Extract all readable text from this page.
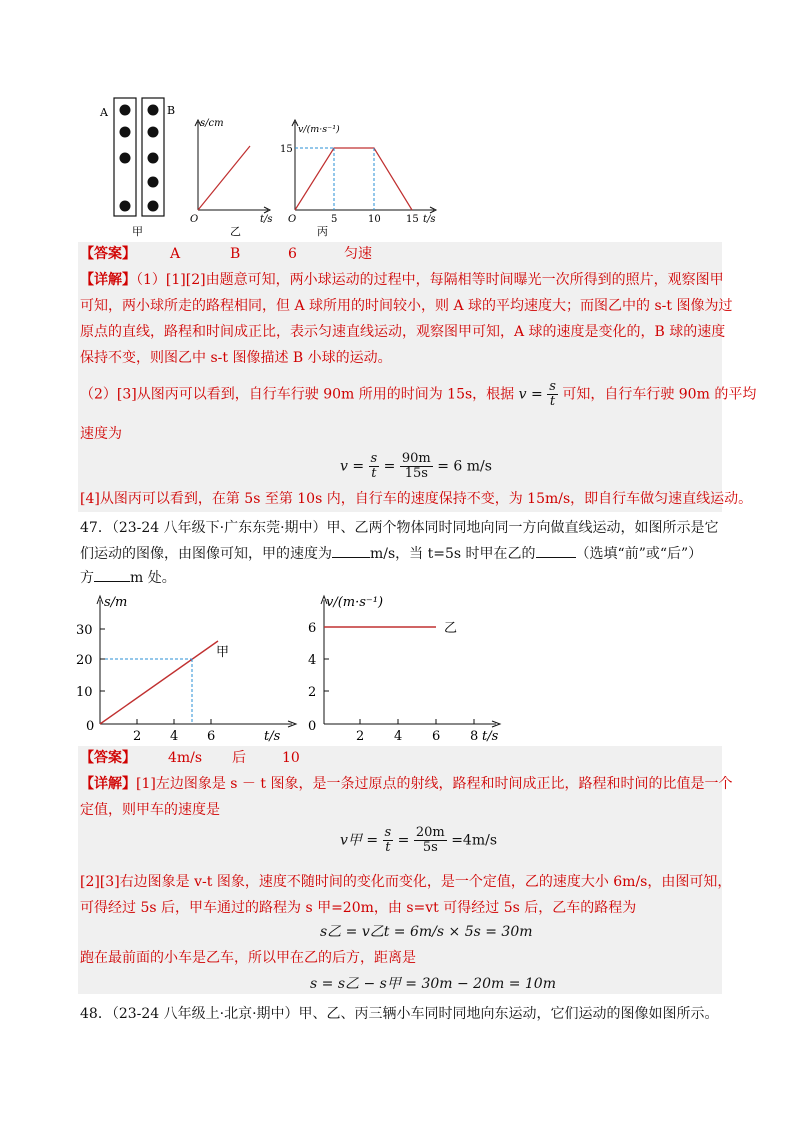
A	B
甲
s/cm
O	t/s
乙
v/(m·s⁻¹)
15
O	5	10	15 t/s
丙
【答案】 A	B	6	匀速
【详解】（1）[1][2]由题意可知，两小球运动的过程中，每隔相等时间曝光一次所得到的照片，观察图甲
可知，两小球所走的路程相同，但 A 球所用的时间较小，则 A 球的平均速度大；而图乙中的 s-t 图像为过
原点的直线，路程和时间成正比，表示匀速直线运动，观察图甲可知，A 球的速度是变化的，B 球的速度
保持不变，则图乙中 s-t 图像描述 B 小球的运动。
（2）[3]从图丙可以看到，自行车行驶 90m 所用的时间为 15s，根据 $v = \frac{s}{t}$ 可知，自行车行驶 90m 的平均
速度为
$v = \frac{s}{t} = \frac{90m}{15s} = 6$ m/s
[4]从图丙可以看到，在第 5s 至第 10s 内，自行车的速度保持不变，为 15m/s，即自行车做匀速直线运动。
47．（23-24 八年级下·广东东莞·期中）甲、乙两个物体同时同地向同一方向做直线运动，如图所示是它
们运动的图像，由图像可知，甲的速度为	m/s，当 t=5s 时甲在乙的	（选填“前”或“后”）
方	m 处。
s/m
30
20
10
0
甲
2 4 6	t/s
v/(m·s⁻¹)
6
4
2
0
乙
2 4 6 8 t/s
【答案】 4m/s 后	10
【详解】[1]左边图象是 s － t 图象，是一条过原点的射线，路程和时间成正比，路程和时间的比值是一个
定值，则甲车的速度是
v甲 = $\frac{s}{t} = \frac{20m}{5s} =4m/s$
[2][3]右边图象是 v-t 图象，速度不随时间的变化而变化，是一个定值，乙的速度大小 6m/s，由图可知，
可得经过 5s 后，甲车通过的路程为 s 甲=20m，由 s=vt 可得经过 5s 后，乙车的路程为
s乙 = v乙t = 6m/s × 5s = 30m
跑在最前面的小车是乙车，所以甲在乙的后方，距离是
s = s乙 − s甲 = 30m − 20m = 10m
48．（23-24 八年级上·北京·期中）甲、乙、丙三辆小车同时同地向东运动，它们运动的图像如图所示。
